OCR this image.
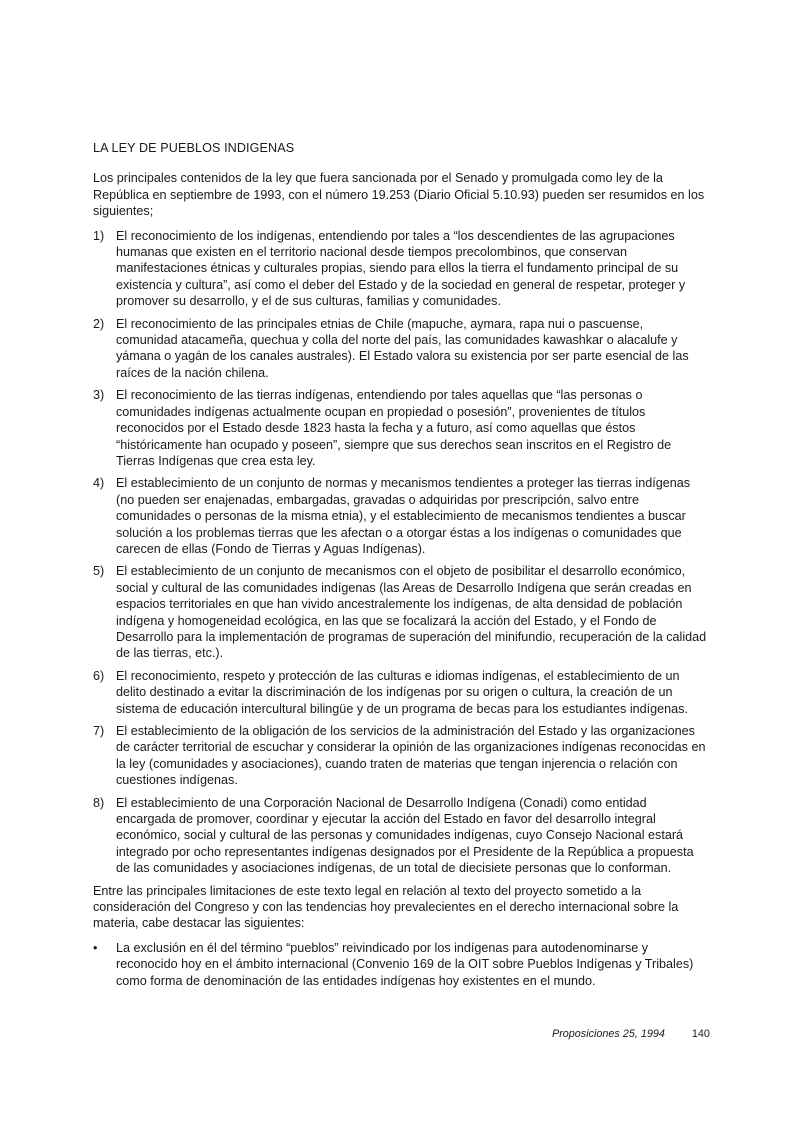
LA LEY DE PUEBLOS INDIGENAS

Los principales contenidos de la ley que fuera sancionada por el Senado y promulgada como ley de la República en septiembre de 1993, con el número 19.253 (Diario Oficial 5.10.93) pueden ser resumidos en los siguientes;

1) El reconocimiento de los indígenas, entendiendo por tales a “los descendientes de las agrupaciones humanas que existen en el territorio nacional desde tiempos precolombinos, que conservan manifestaciones étnicas y culturales propias, siendo para ellos la tierra el fundamento principal de su existencia y cultura”, así como el deber del Estado y de la sociedad en general de respetar, proteger y promover su desarrollo, y el de sus culturas, familias y comunidades.
2) El reconocimiento de las principales etnias de Chile (mapuche, aymara, rapa nui o pascuense, comunidad atacameña, quechua y colla del norte del país, las comunidades kawashkar o alacalufe y yámana o yagán de los canales australes). El Estado valora su existencia por ser parte esencial de las raíces de la nación chilena.
3) El reconocimiento de las tierras indígenas, entendiendo por tales aquellas que “las personas o comunidades indígenas actualmente ocupan en propiedad o posesión”, provenientes de títulos reconocidos por el Estado desde 1823 hasta la fecha y a futuro, así como aquellas que éstos “históricamente han ocupado y poseen”, siempre que sus derechos sean inscritos en el Registro de Tierras Indígenas que crea esta ley.
4) El establecimiento de un conjunto de normas y mecanismos tendientes a proteger las tierras indígenas (no pueden ser enajenadas, embargadas, gravadas o adquiridas por prescripción, salvo entre comunidades o personas de la misma etnia), y el establecimiento de mecanismos tendientes a buscar solución a los problemas tierras que les afectan o a otorgar éstas a los indígenas o comunidades que carecen de ellas (Fondo de Tierras y Aguas Indígenas).
5) El establecimiento de un conjunto de mecanismos con el objeto de posibilitar el desarrollo económico, social y cultural de las comunidades indígenas (las Areas de Desarrollo Indígena que serán creadas en espacios territoriales en que han vivido ancestralemente los indígenas, de alta densidad de población indígena y homogeneidad ecológica, en las que se focalizará la acción del Estado, y el Fondo de Desarrollo para la implementación de programas de superación del minifundio, recuperación de la calidad de las tierras, etc.).
6) El reconocimiento, respeto y protección de las culturas e idiomas indígenas, el establecimiento de un delito destinado a evitar la discriminación de los indígenas por su origen o cultura, la creación de un sistema de educación intercultural bilingüe y de un programa de becas para los estudiantes indígenas.
7) El establecimiento de la obligación de los servicios de la administración del Estado y las organizaciones de carácter territorial de escuchar y considerar la opinión de las organizaciones indígenas reconocidas en la ley (comunidades y asociaciones), cuando traten de materias que tengan injerencia o relación con cuestiones indígenas.
8) El establecimiento de una Corporación Nacional de Desarrollo Indígena (Conadi) como entidad encargada de promover, coordinar y ejecutar la acción del Estado en favor del desarrollo integral económico, social y cultural de las personas y comunidades indígenas, cuyo Consejo Nacional estará integrado por ocho representantes indígenas designados por el Presidente de la República a propuesta de las comunidades y asociaciones indígenas, de un total de diecisiete personas que lo conforman.

Entre las principales limitaciones de este texto legal en relación al texto del proyecto sometido a la consideración del Congreso y con las tendencias hoy prevalecientes en el derecho internacional sobre la materia, cabe destacar las siguientes:

• La exclusión en él del término “pueblos” reivindicado por los indígenas para autodenominarse y reconocido hoy en el ámbito internacional (Convenio 169 de la OIT sobre Pueblos Indígenas y Tribales) como forma de denominación de las entidades indígenas hoy existentes en el mundo.
Proposiciones 25, 1994	140
